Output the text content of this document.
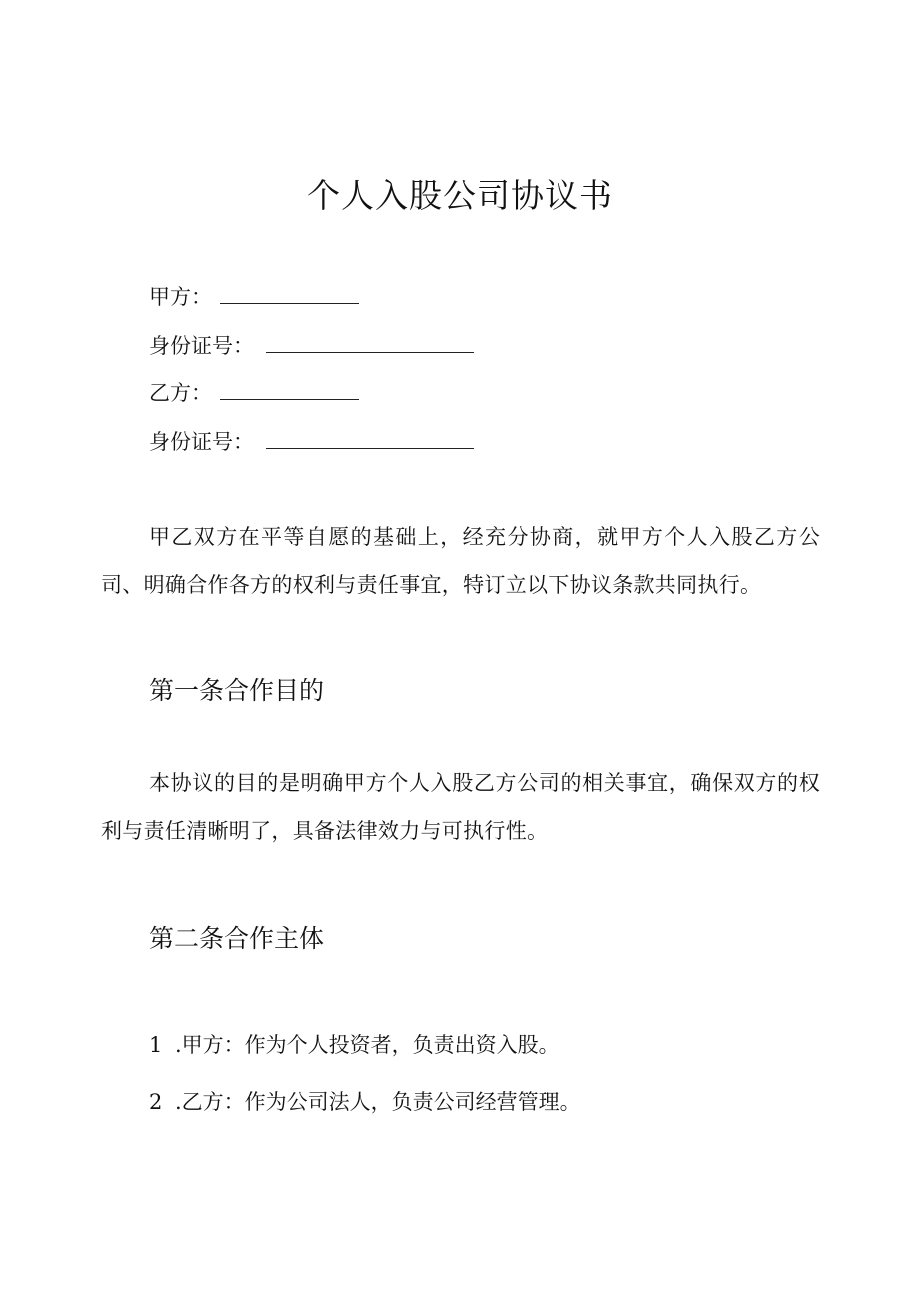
个人入股公司协议书
甲方：
身份证号：
乙方：
身份证号：
甲乙双方在平等自愿的基础上，经充分协商，就甲方个人入股乙方公司、明确合作各方的权利与责任事宜，特订立以下协议条款共同执行。
第一条合作目的
本协议的目的是明确甲方个人入股乙方公司的相关事宜，确保双方的权利与责任清晰明了，具备法律效力与可执行性。
第二条合作主体
1 .甲方：作为个人投资者，负责出资入股。
2 .乙方：作为公司法人，负责公司经营管理。
